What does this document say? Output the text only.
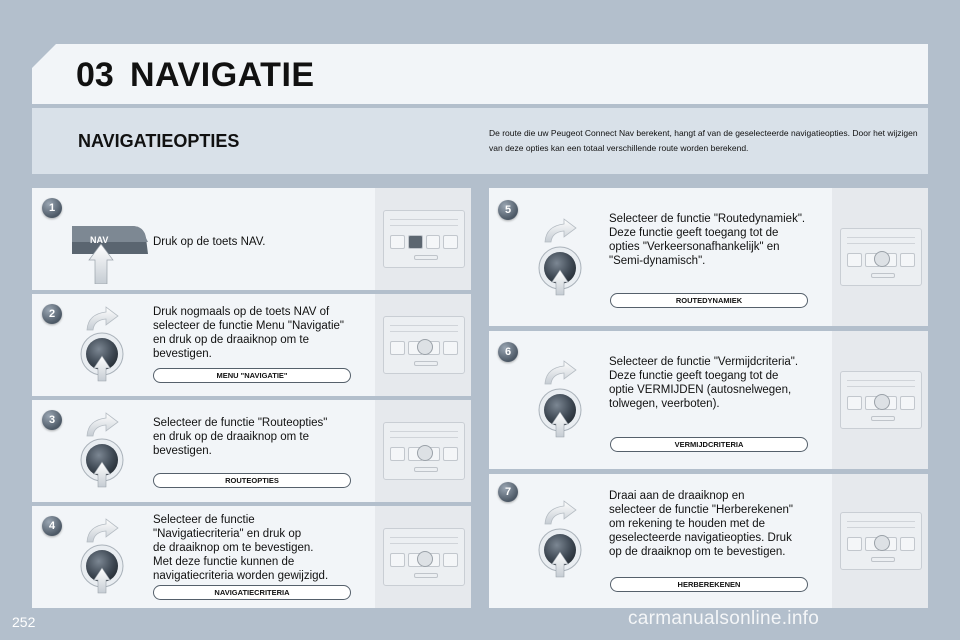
03 NAVIGATIE
NAVIGATIEOPTIES	De route die uw Peugeot Connect Nav berekent, hangt af van de geselecteerde navigatieopties. Door het wijzigen van deze opties kan een totaal verschillende route worden berekend.
1
NAV	Druk op de toets NAV.
2	Druk nogmaals op de toets NAV of
selecteer de functie Menu "Navigatie"
en druk op de draaiknop om te
bevestigen.
MENU "NAVIGATIE"
3	Selecteer de functie "Routeopties"
en druk op de draaiknop om te
bevestigen.
ROUTEOPTIES
4	Selecteer de functie
"Navigatiecriteria" en druk op
de draaiknop om te bevestigen.
Met deze functie kunnen de
navigatiecriteria worden gewijzigd.
NAVIGATIECRITERIA
5
Selecteer de functie "Routedynamiek".
Deze functie geeft toegang tot de
opties "Verkeersonafhankelijk" en
"Semi-dynamisch".
ROUTEDYNAMIEK
6
Selecteer de functie "Vermijdcriteria".
Deze functie geeft toegang tot de
optie VERMIJDEN (autosnelwegen,
tolwegen, veerboten).
VERMIJDCRITERIA
7	Draai aan de draaiknop en
selecteer de functie "Herberekenen"
om rekening te houden met de
geselecteerde navigatieopties. Druk
op de draaiknop om te bevestigen.
HERBEREKENEN
252	carmanualsonline.info
